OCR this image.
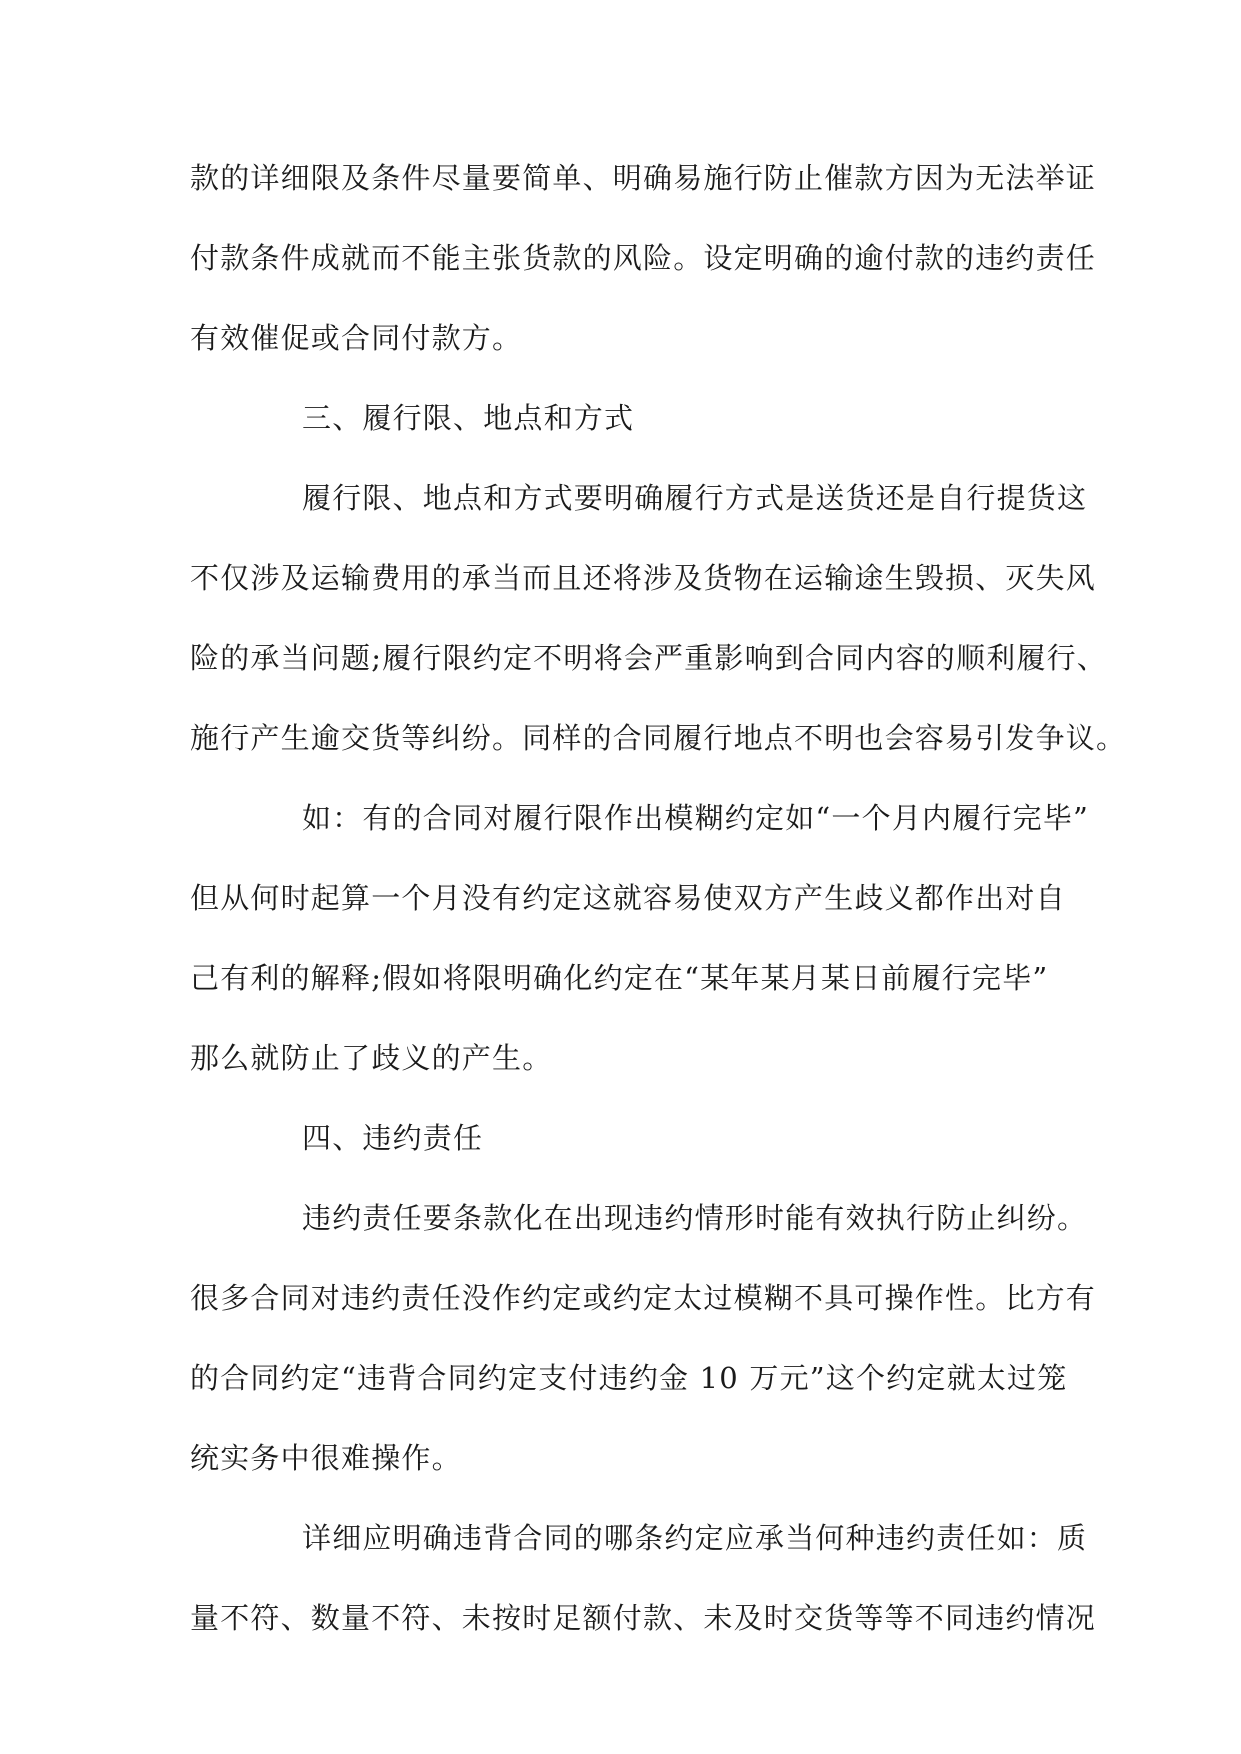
款的详细限及条件尽量要简单、明确易施行防止催款方因为无法举证
付款条件成就而不能主张货款的风险。设定明确的逾付款的违约责任
有效催促或合同付款方。
三、履行限、地点和方式
履行限、地点和方式要明确履行方式是送货还是自行提货这
不仅涉及运输费用的承当而且还将涉及货物在运输途生毁损、灭失风
险的承当问题;履行限约定不明将会严重影响到合同内容的顺利履行、
施行产生逾交货等纠纷。同样的合同履行地点不明也会容易引发争议。
如：有的合同对履行限作出模糊约定如“一个月内履行完毕”
但从何时起算一个月没有约定这就容易使双方产生歧义都作出对自
己有利的解释;假如将限明确化约定在“某年某月某日前履行完毕”
那么就防止了歧义的产生。
四、违约责任
违约责任要条款化在出现违约情形时能有效执行防止纠纷。
很多合同对违约责任没作约定或约定太过模糊不具可操作性。比方有
的合同约定“违背合同约定支付违约金 10 万元”这个约定就太过笼
统实务中很难操作。
详细应明确违背合同的哪条约定应承当何种违约责任如：质
量不符、数量不符、未按时足额付款、未及时交货等等不同违约情况
